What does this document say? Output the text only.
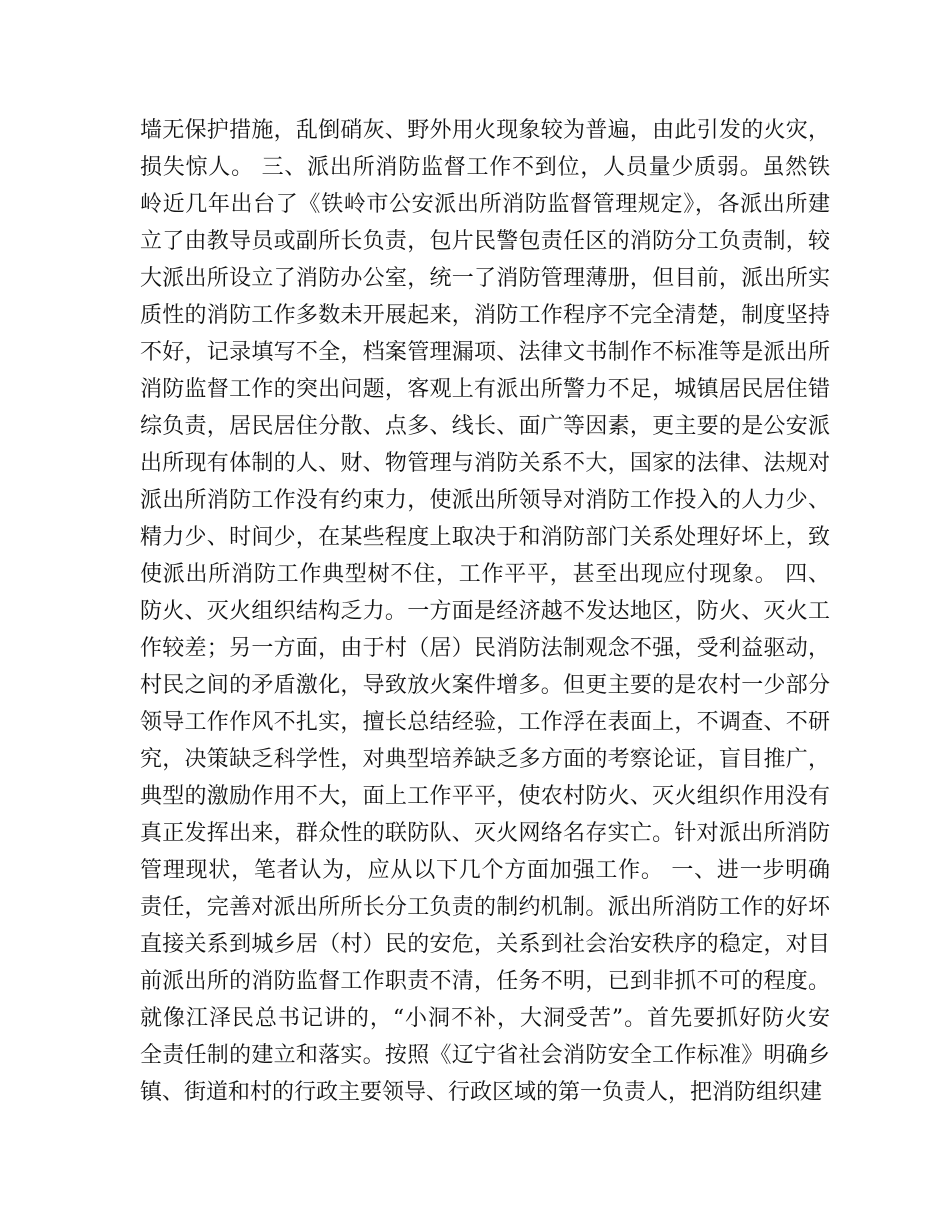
墙无保护措施，乱倒硝灰、野外用火现象较为普遍，由此引发的火灾，
损失惊人。 三、派出所消防监督工作不到位，人员量少质弱。虽然铁
岭近几年出台了《铁岭市公安派出所消防监督管理规定》，各派出所建
立了由教导员或副所长负责，包片民警包责任区的消防分工负责制，较
大派出所设立了消防办公室，统一了消防管理薄册，但目前，派出所实
质性的消防工作多数未开展起来，消防工作程序不完全清楚，制度坚持
不好，记录填写不全，档案管理漏项、法律文书制作不标准等是派出所
消防监督工作的突出问题，客观上有派出所警力不足，城镇居民居住错
综负责，居民居住分散、点多、线长、面广等因素，更主要的是公安派
出所现有体制的人、财、物管理与消防关系不大，国家的法律、法规对
派出所消防工作没有约束力，使派出所领导对消防工作投入的人力少、
精力少、时间少，在某些程度上取决于和消防部门关系处理好坏上，致
使派出所消防工作典型树不住，工作平平，甚至出现应付现象。 四、
防火、灭火组织结构乏力。一方面是经济越不发达地区，防火、灭火工
作较差；另一方面，由于村（居）民消防法制观念不强，受利益驱动，
村民之间的矛盾激化，导致放火案件增多。但更主要的是农村一少部分
领导工作作风不扎实，擅长总结经验，工作浮在表面上，不调查、不研
究，决策缺乏科学性，对典型培养缺乏多方面的考察论证，盲目推广，
典型的激励作用不大，面上工作平平，使农村防火、灭火组织作用没有
真正发挥出来，群众性的联防队、灭火网络名存实亡。针对派出所消防
管理现状，笔者认为，应从以下几个方面加强工作。 一、进一步明确
责任，完善对派出所所长分工负责的制约机制。派出所消防工作的好坏
直接关系到城乡居（村）民的安危，关系到社会治安秩序的稳定，对目
前派出所的消防监督工作职责不清，任务不明，已到非抓不可的程度。
就像江泽民总书记讲的，“小洞不补，大洞受苦”。首先要抓好防火安
全责任制的建立和落实。按照《辽宁省社会消防安全工作标准》明确乡
镇、街道和村的行政主要领导、行政区域的第一负责人，把消防组织建
